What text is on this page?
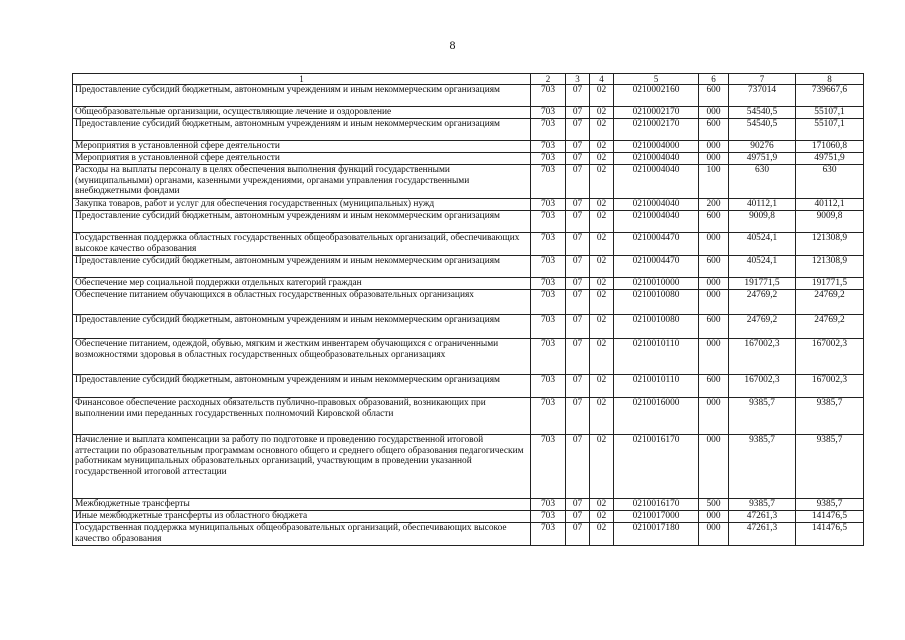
8
1	2	3	4	5	6	7	8
Предоставление субсидий бюджетным, автономным учреждениям и иным некоммерческим организациям	703	07	02	0210002160	600	737014	739667,6
Общеобразовательные организации, осуществляющие лечение и оздоровление	703	07	02	0210002170	000	54540,5	55107,1
Предоставление субсидий бюджетным, автономным учреждениям и иным некоммерческим организациям	703	07	02	0210002170	600	54540,5	55107,1
Мероприятия в установленной сфере деятельности	703	07	02	0210004000	000	90276	171060,8
Мероприятия в установленной сфере деятельности	703	07	02	0210004040	000	49751,9	49751,9
Расходы на выплаты персоналу в целях обеспечения выполнения функций государственными (муниципальными) органами, казенными учреждениями, органами управления государственными внебюджетными фондами	703	07	02	0210004040	100	630	630
Закупка товаров, работ и услуг для обеспечения государственных (муниципальных) нужд	703	07	02	0210004040	200	40112,1	40112,1
Предоставление субсидий бюджетным, автономным учреждениям и иным некоммерческим организациям	703	07	02	0210004040	600	9009,8	9009,8
Государственная поддержка областных государственных общеобразовательных организаций, обеспечивающих высокое качество образования	703	07	02	0210004470	000	40524,1	121308,9
Предоставление субсидий бюджетным, автономным учреждениям и иным некоммерческим организациям	703	07	02	0210004470	600	40524,1	121308,9
Обеспечение мер социальной поддержки отдельных категорий граждан	703	07	02	0210010000	000	191771,5	191771,5
Обеспечение питанием обучающихся в областных государственных образовательных организациях	703	07	02	0210010080	000	24769,2	24769,2
Предоставление субсидий бюджетным, автономным учреждениям и иным некоммерческим организациям	703	07	02	0210010080	600	24769,2	24769,2
Обеспечение питанием, одеждой, обувью, мягким и жестким инвентарем обучающихся с ограниченными возможностями здоровья в областных государственных общеобразовательных организациях	703	07	02	0210010110	000	167002,3	167002,3
Предоставление субсидий бюджетным, автономным учреждениям и иным некоммерческим организациям	703	07	02	0210010110	600	167002,3	167002,3
Финансовое обеспечение расходных обязательств публично-правовых образований, возникающих при выполнении ими переданных государственных полномочий Кировской области	703	07	02	0210016000	000	9385,7	9385,7
Начисление и выплата компенсации за работу по подготовке и проведению государственной итоговой аттестации по образовательным программам основного общего и среднего общего образования педагогическим работникам муниципальных образовательных организаций, участвующим в проведении указанной государственной итоговой аттестации	703	07	02	0210016170	000	9385,7	9385,7
Межбюджетные трансферты	703	07	02	0210016170	500	9385,7	9385,7
Иные межбюджетные трансферты из областного бюджета	703	07	02	0210017000	000	47261,3	141476,5
Государственная поддержка муниципальных общеобразовательных организаций, обеспечивающих высокое качество образования	703	07	02	0210017180	000	47261,3	141476,5
